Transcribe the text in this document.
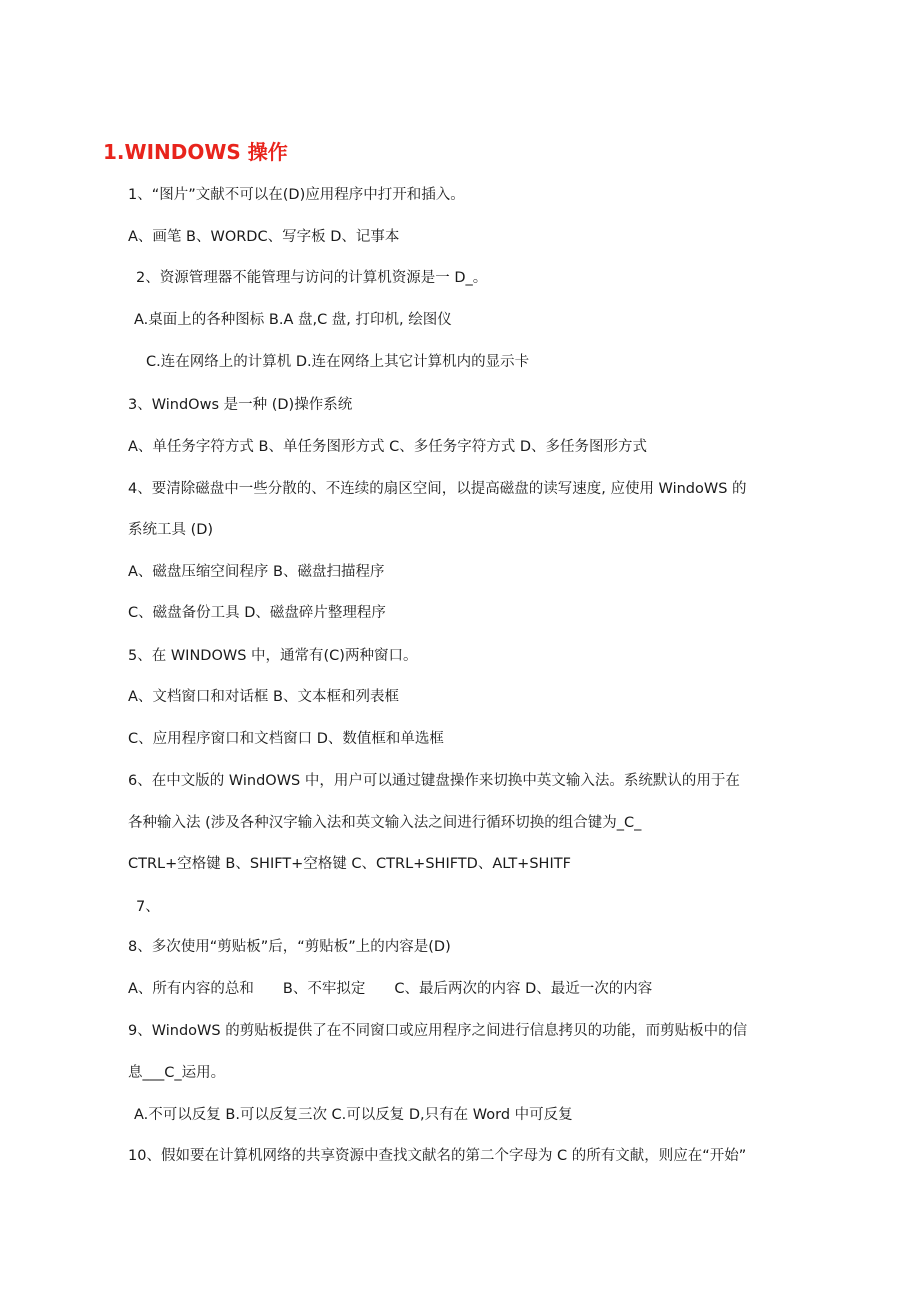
1.WINDOWS 操作
1、“图片”文献不可以在(D)应用程序中打开和插入。
A、画笔 B、WORDC、写字板 D、记事本
2、资源管理器不能管理与访问的计算机资源是一 D_。
A.桌面上的各种图标 B.A 盘,C 盘, 打印机, 绘图仪
C.连在网络上的计算机 D.连在网络上其它计算机内的显示卡
3、WindOws 是一种 (D)操作系统
A、单任务字符方式 B、单任务图形方式 C、多任务字符方式 D、多任务图形方式
4、要清除磁盘中一些分散的、不连续的扇区空间，以提高磁盘的读写速度, 应使用 WindoWS 的
系统工具 (D)
A、磁盘压缩空间程序 B、磁盘扫描程序
C、磁盘备份工具 D、磁盘碎片整理程序
5、在 WINDOWS 中，通常有(C)两种窗口。
A、文档窗口和对话框 B、文本框和列表框
C、应用程序窗口和文档窗口 D、数值框和单选框
6、在中文版的 WindOWS 中，用户可以通过键盘操作来切换中英文输入法。系统默认的用于在
各种输入法 (涉及各种汉字输入法和英文输入法之间进行循环切换的组合键为_C_
CTRL+空格键 B、SHIFT+空格键 C、CTRL+SHIFTD、ALT+SHITF
7、
8、多次使用“剪贴板”后，“剪贴板”上的内容是(D)
A、所有内容的总和　　B、不牢拟定　　C、最后两次的内容 D、最近一次的内容
9、WindoWS 的剪贴板提供了在不同窗口或应用程序之间进行信息拷贝的功能，而剪贴板中的信
息___C_运用。
A.不可以反复 B.可以反复三次 C.可以反复 D,只有在 Word 中可反复
10、假如要在计算机网络的共享资源中查找文献名的第二个字母为 C 的所有文献，则应在“开始”
